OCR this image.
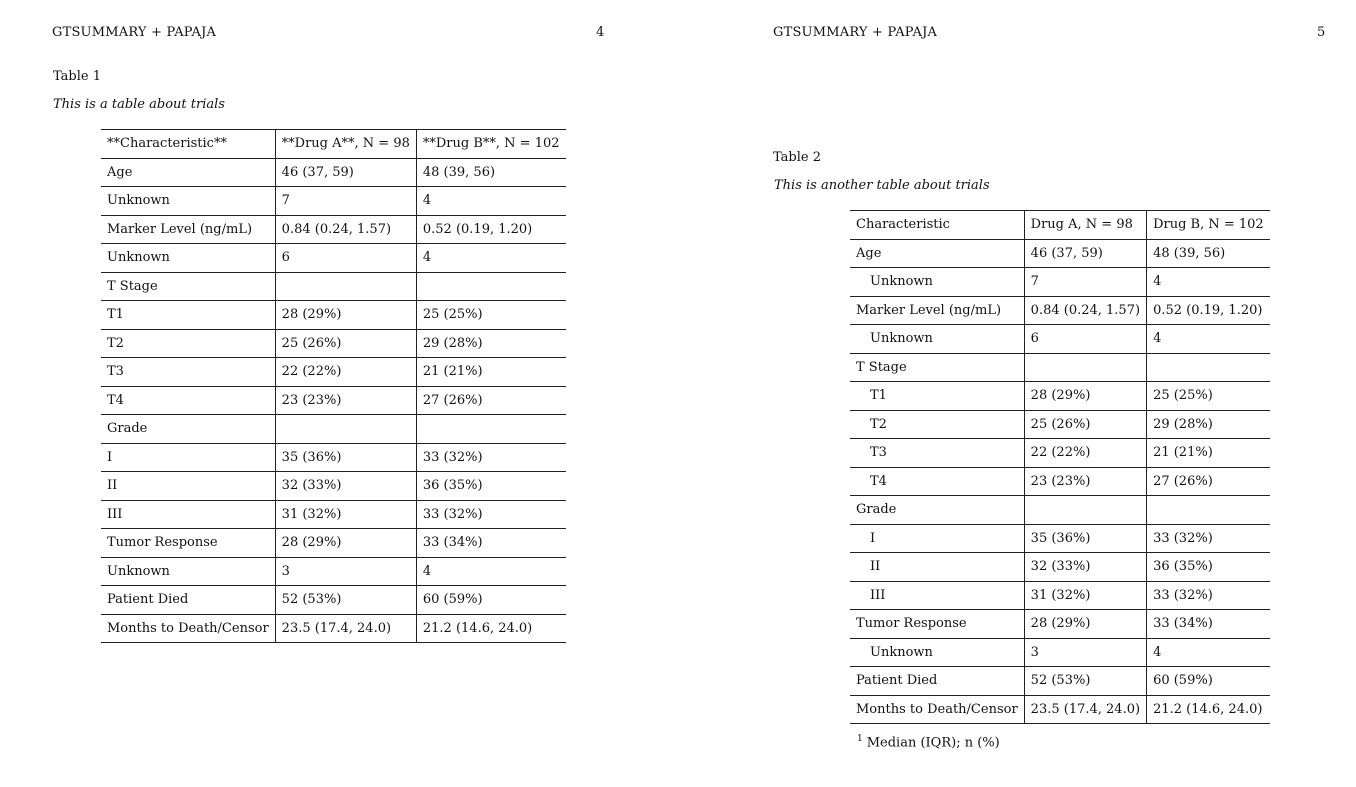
GTSUMMARY + PAPAJA	4
Table 1
This is a table about trials
**Characteristic**	**Drug A**, N = 98	**Drug B**, N = 102
Age	46 (37, 59)	48 (39, 56)
Unknown	7	4
Marker Level (ng/mL)	0.84 (0.24, 1.57)	0.52 (0.19, 1.20)
Unknown	6	4
T Stage		
T1	28 (29%)	25 (25%)
T2	25 (26%)	29 (28%)
T3	22 (22%)	21 (21%)
T4	23 (23%)	27 (26%)
Grade		
I	35 (36%)	33 (32%)
II	32 (33%)	36 (35%)
III	31 (32%)	33 (32%)
Tumor Response	28 (29%)	33 (34%)
Unknown	3	4
Patient Died	52 (53%)	60 (59%)
Months to Death/Censor	23.5 (17.4, 24.0)	21.2 (14.6, 24.0)
GTSUMMARY + PAPAJA	5
Table 2
This is another table about trials
Characteristic	Drug A, N = 98	Drug B, N = 102
Age	46 (37, 59)	48 (39, 56)
Unknown	7	4
Marker Level (ng/mL)	0.84 (0.24, 1.57)	0.52 (0.19, 1.20)
Unknown	6	4
T Stage		
T1	28 (29%)	25 (25%)
T2	25 (26%)	29 (28%)
T3	22 (22%)	21 (21%)
T4	23 (23%)	27 (26%)
Grade		
I	35 (36%)	33 (32%)
II	32 (33%)	36 (35%)
III	31 (32%)	33 (32%)
Tumor Response	28 (29%)	33 (34%)
Unknown	3	4
Patient Died	52 (53%)	60 (59%)
Months to Death/Censor	23.5 (17.4, 24.0)	21.2 (14.6, 24.0)
$^1$ Median (IQR); n (%)
